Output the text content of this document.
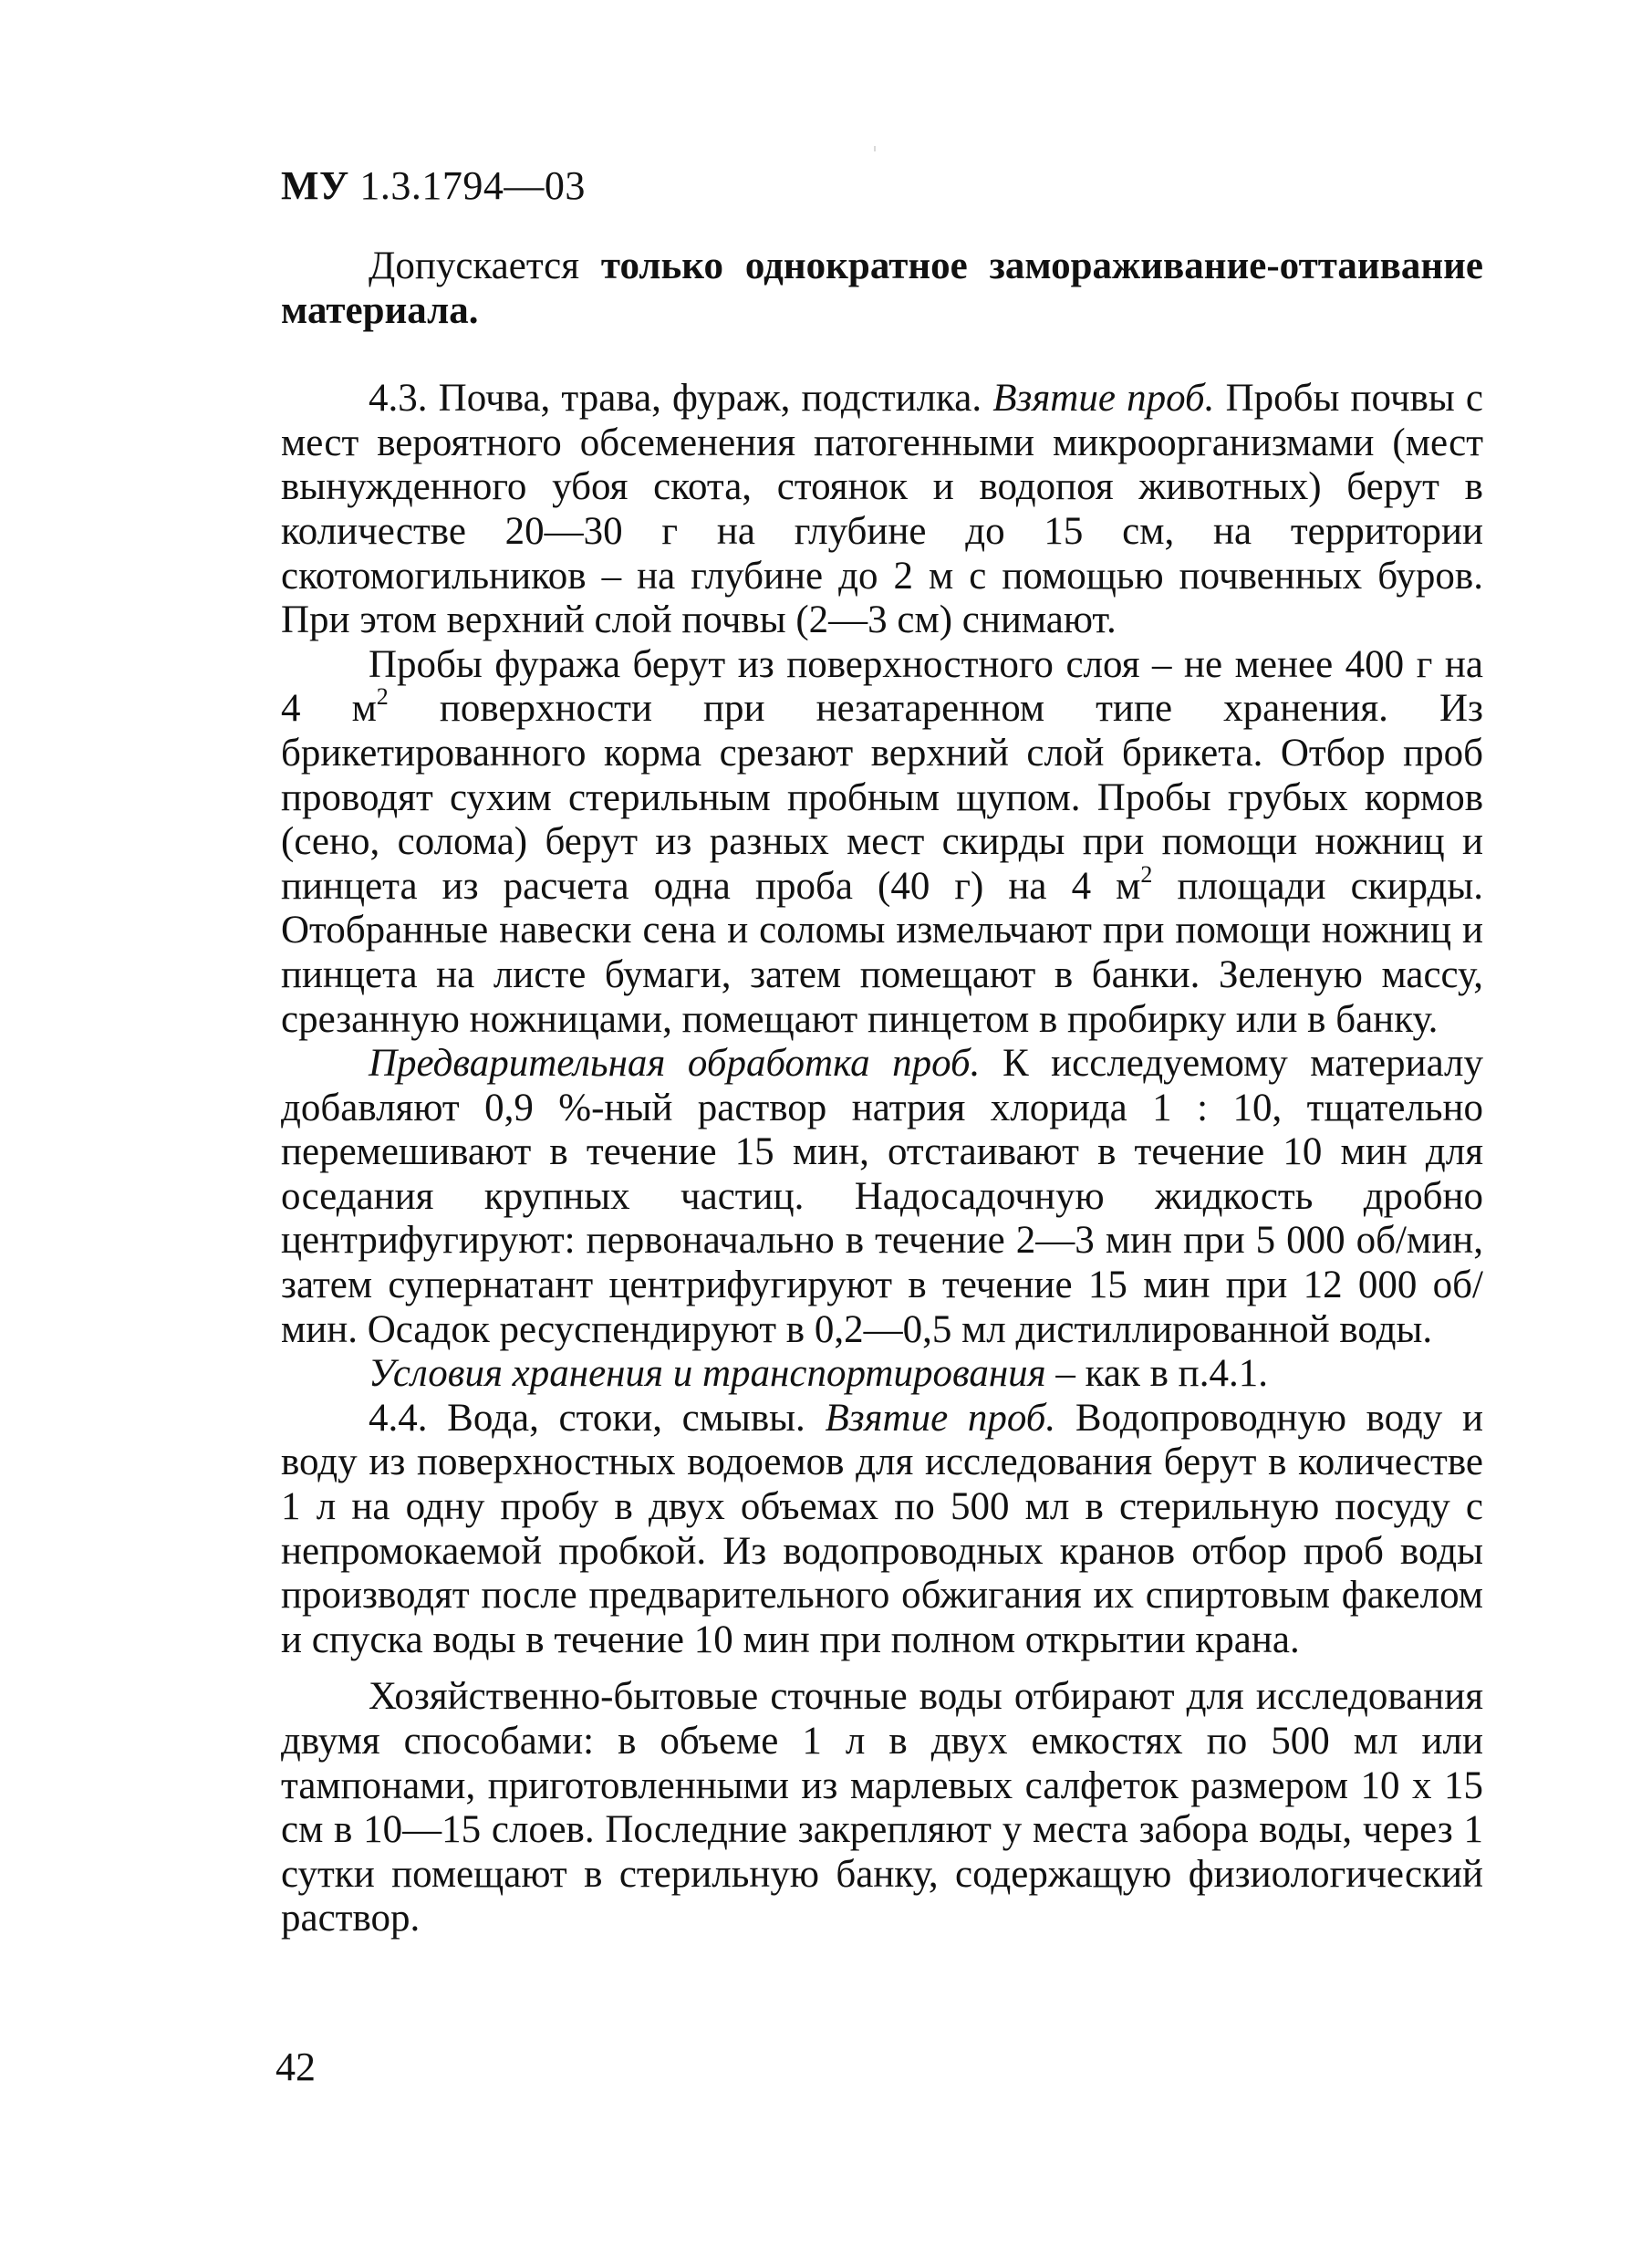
МУ 1.3.1794—03

Допускается только однократное замораживание-оттаивание материала.

4.3. Почва, трава, фураж, подстилка. Взятие проб. Пробы почвы с мест вероятного обсеменения патогенными микроорганизмами (мест вынужденного убоя скота, стоянок и водопоя животных) берут в количестве 20—30 г на глубине до 15 см, на территории скотомогильников – на глубине до 2 м с помощью почвенных буров. При этом верхний слой почвы (2—3 см) снимают.

Пробы фуража берут из поверхностного слоя – не менее 400 г на 4 $м^2$ поверхности при незатаренном типе хранения. Из брикетированного корма срезают верхний слой брикета. Отбор проб проводят сухим стерильным пробным щупом. Пробы грубых кормов (сено, солома) берут из разных мест скирды при помощи ножниц и пинцета из расчета одна проба (40 г) на 4 $м^2$ площади скирды. Отобранные навески сена и соломы измельчают при помощи ножниц и пинцета на листе бумаги, затем помещают в банки. Зеленую массу, срезанную ножницами, помещают пинцетом в пробирку или в банку.

Предварительная обработка проб. К исследуемому материалу добавляют 0,9 %-ный раствор натрия хлорида 1 : 10, тщательно перемешивают в течение 15 мин, отстаивают в течение 10 мин для оседания крупных частиц. Надосадочную жидкость дробно центрифугируют: первоначально в течение 2—3 мин при 5 000 об/мин, затем супернатант центрифугируют в течение 15 мин при 12 000 об/мин. Осадок ресуспендируют в 0,2—0,5 мл дистиллированной воды.

Условия хранения и транспортирования – как в п.4.1.

4.4. Вода, стоки, смывы. Взятие проб. Водопроводную воду и воду из поверхностных водоемов для исследования берут в количестве 1 л на одну пробу в двух объемах по 500 мл в стерильную посуду с непромокаемой пробкой. Из водопроводных кранов отбор проб воды производят после предварительного обжигания их спиртовым факелом и спуска воды в течение 10 мин при полном открытии крана.

Хозяйственно-бытовые сточные воды отбирают для исследования двумя способами: в объеме 1 л в двух емкостях по 500 мл или тампонами, приготовленными из марлевых салфеток размером 10 х 15 см в 10—15 слоев. Последние закрепляют у места забора воды, через 1 сутки помещают в стерильную банку, содержащую физиологический раствор.

42
